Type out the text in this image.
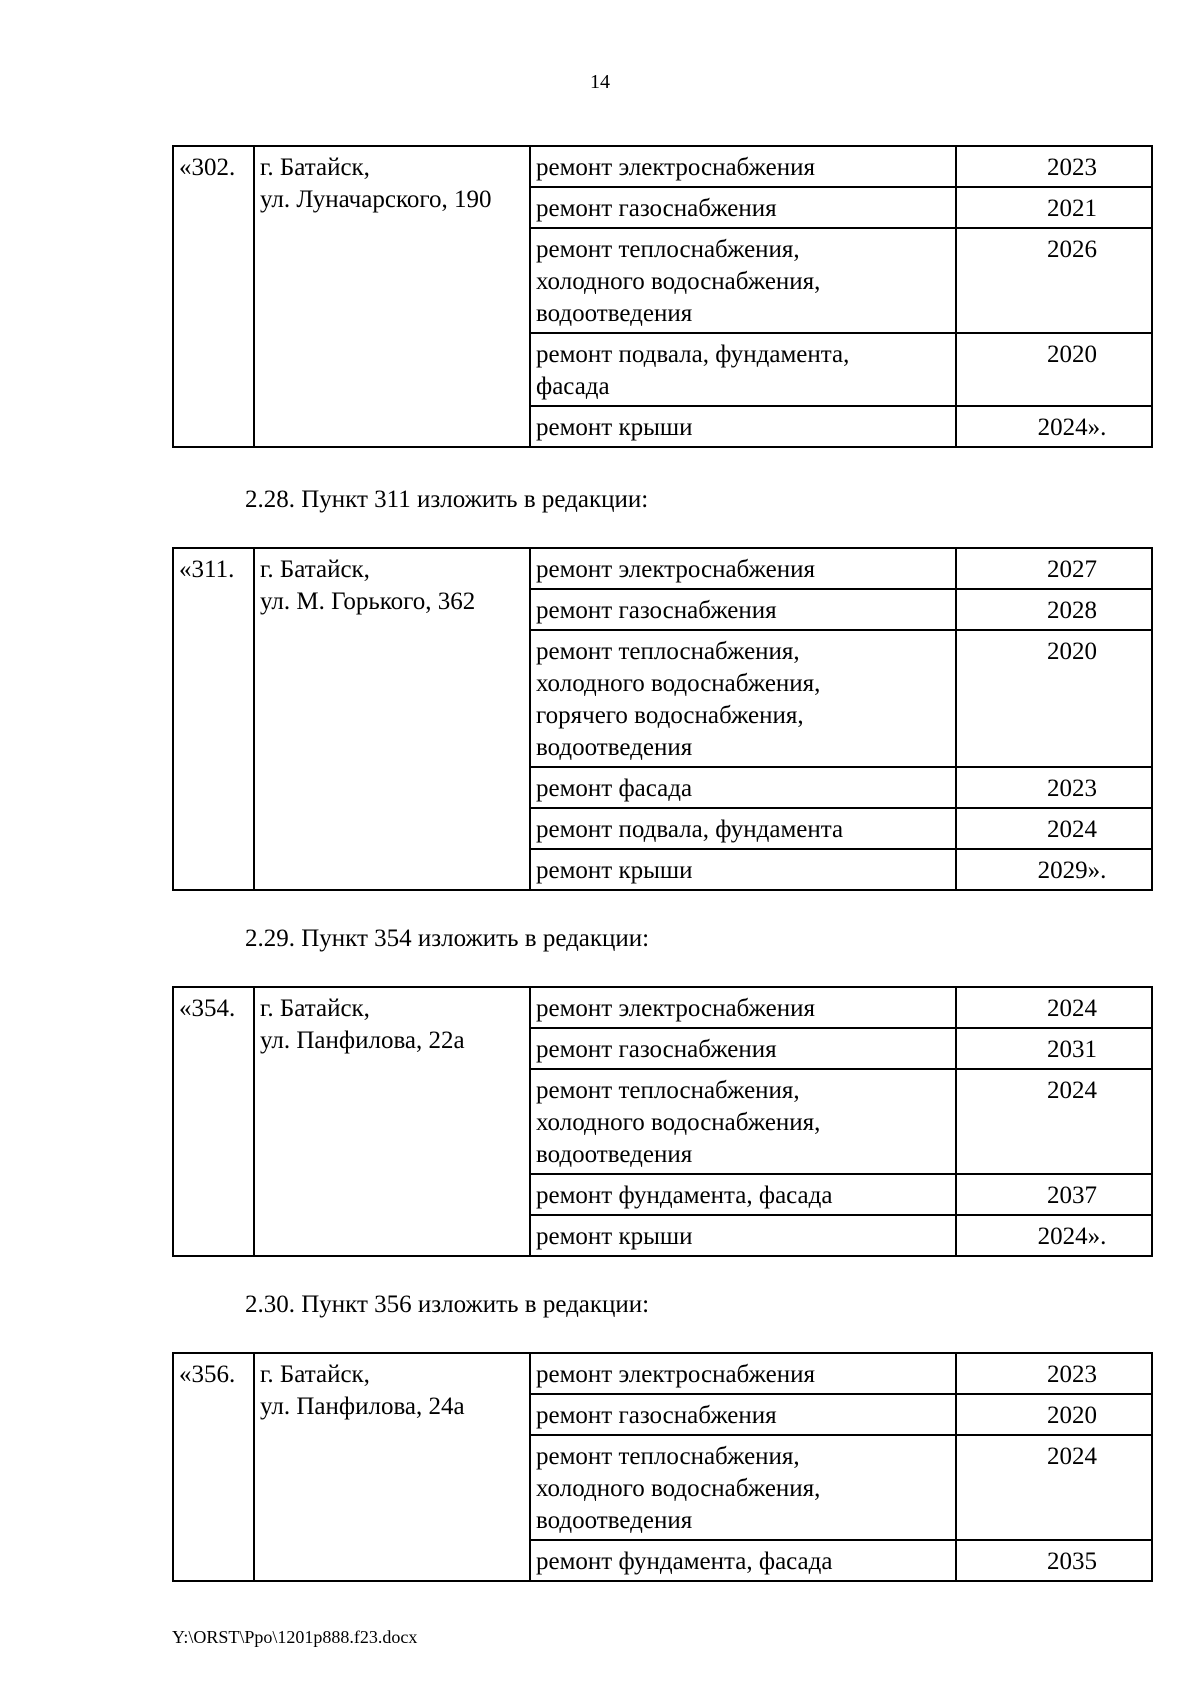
14
«302.	г. Батайск,
ул. Луначарского, 190	ремонт электроснабжения	2023
		ремонт газоснабжения	2021
		ремонт теплоснабжения,
холодного водоснабжения,
водоотведения	2026
		ремонт подвала, фундамента,
фасада	2020
		ремонт крыши	2024».
2.28. Пункт 311 изложить в редакции:
«311.	г. Батайск,
ул. М. Горького, 362	ремонт электроснабжения	2027
		ремонт газоснабжения	2028
		ремонт теплоснабжения,
холодного водоснабжения,
горячего водоснабжения,
водоотведения	2020
		ремонт фасада	2023
		ремонт подвала, фундамента	2024
		ремонт крыши	2029».
2.29. Пункт 354 изложить в редакции:
«354.	г. Батайск,
ул. Панфилова, 22а	ремонт электроснабжения	2024
		ремонт газоснабжения	2031
		ремонт теплоснабжения,
холодного водоснабжения,
водоотведения	2024
		ремонт фундамента, фасада	2037
		ремонт крыши	2024».
2.30. Пункт 356 изложить в редакции:
«356.	г. Батайск,
ул. Панфилова, 24а	ремонт электроснабжения	2023
		ремонт газоснабжения	2020
		ремонт теплоснабжения,
холодного водоснабжения,
водоотведения	2024
		ремонт фундамента, фасада	2035
Y:\ORST\Ppo\1201p888.f23.docx
